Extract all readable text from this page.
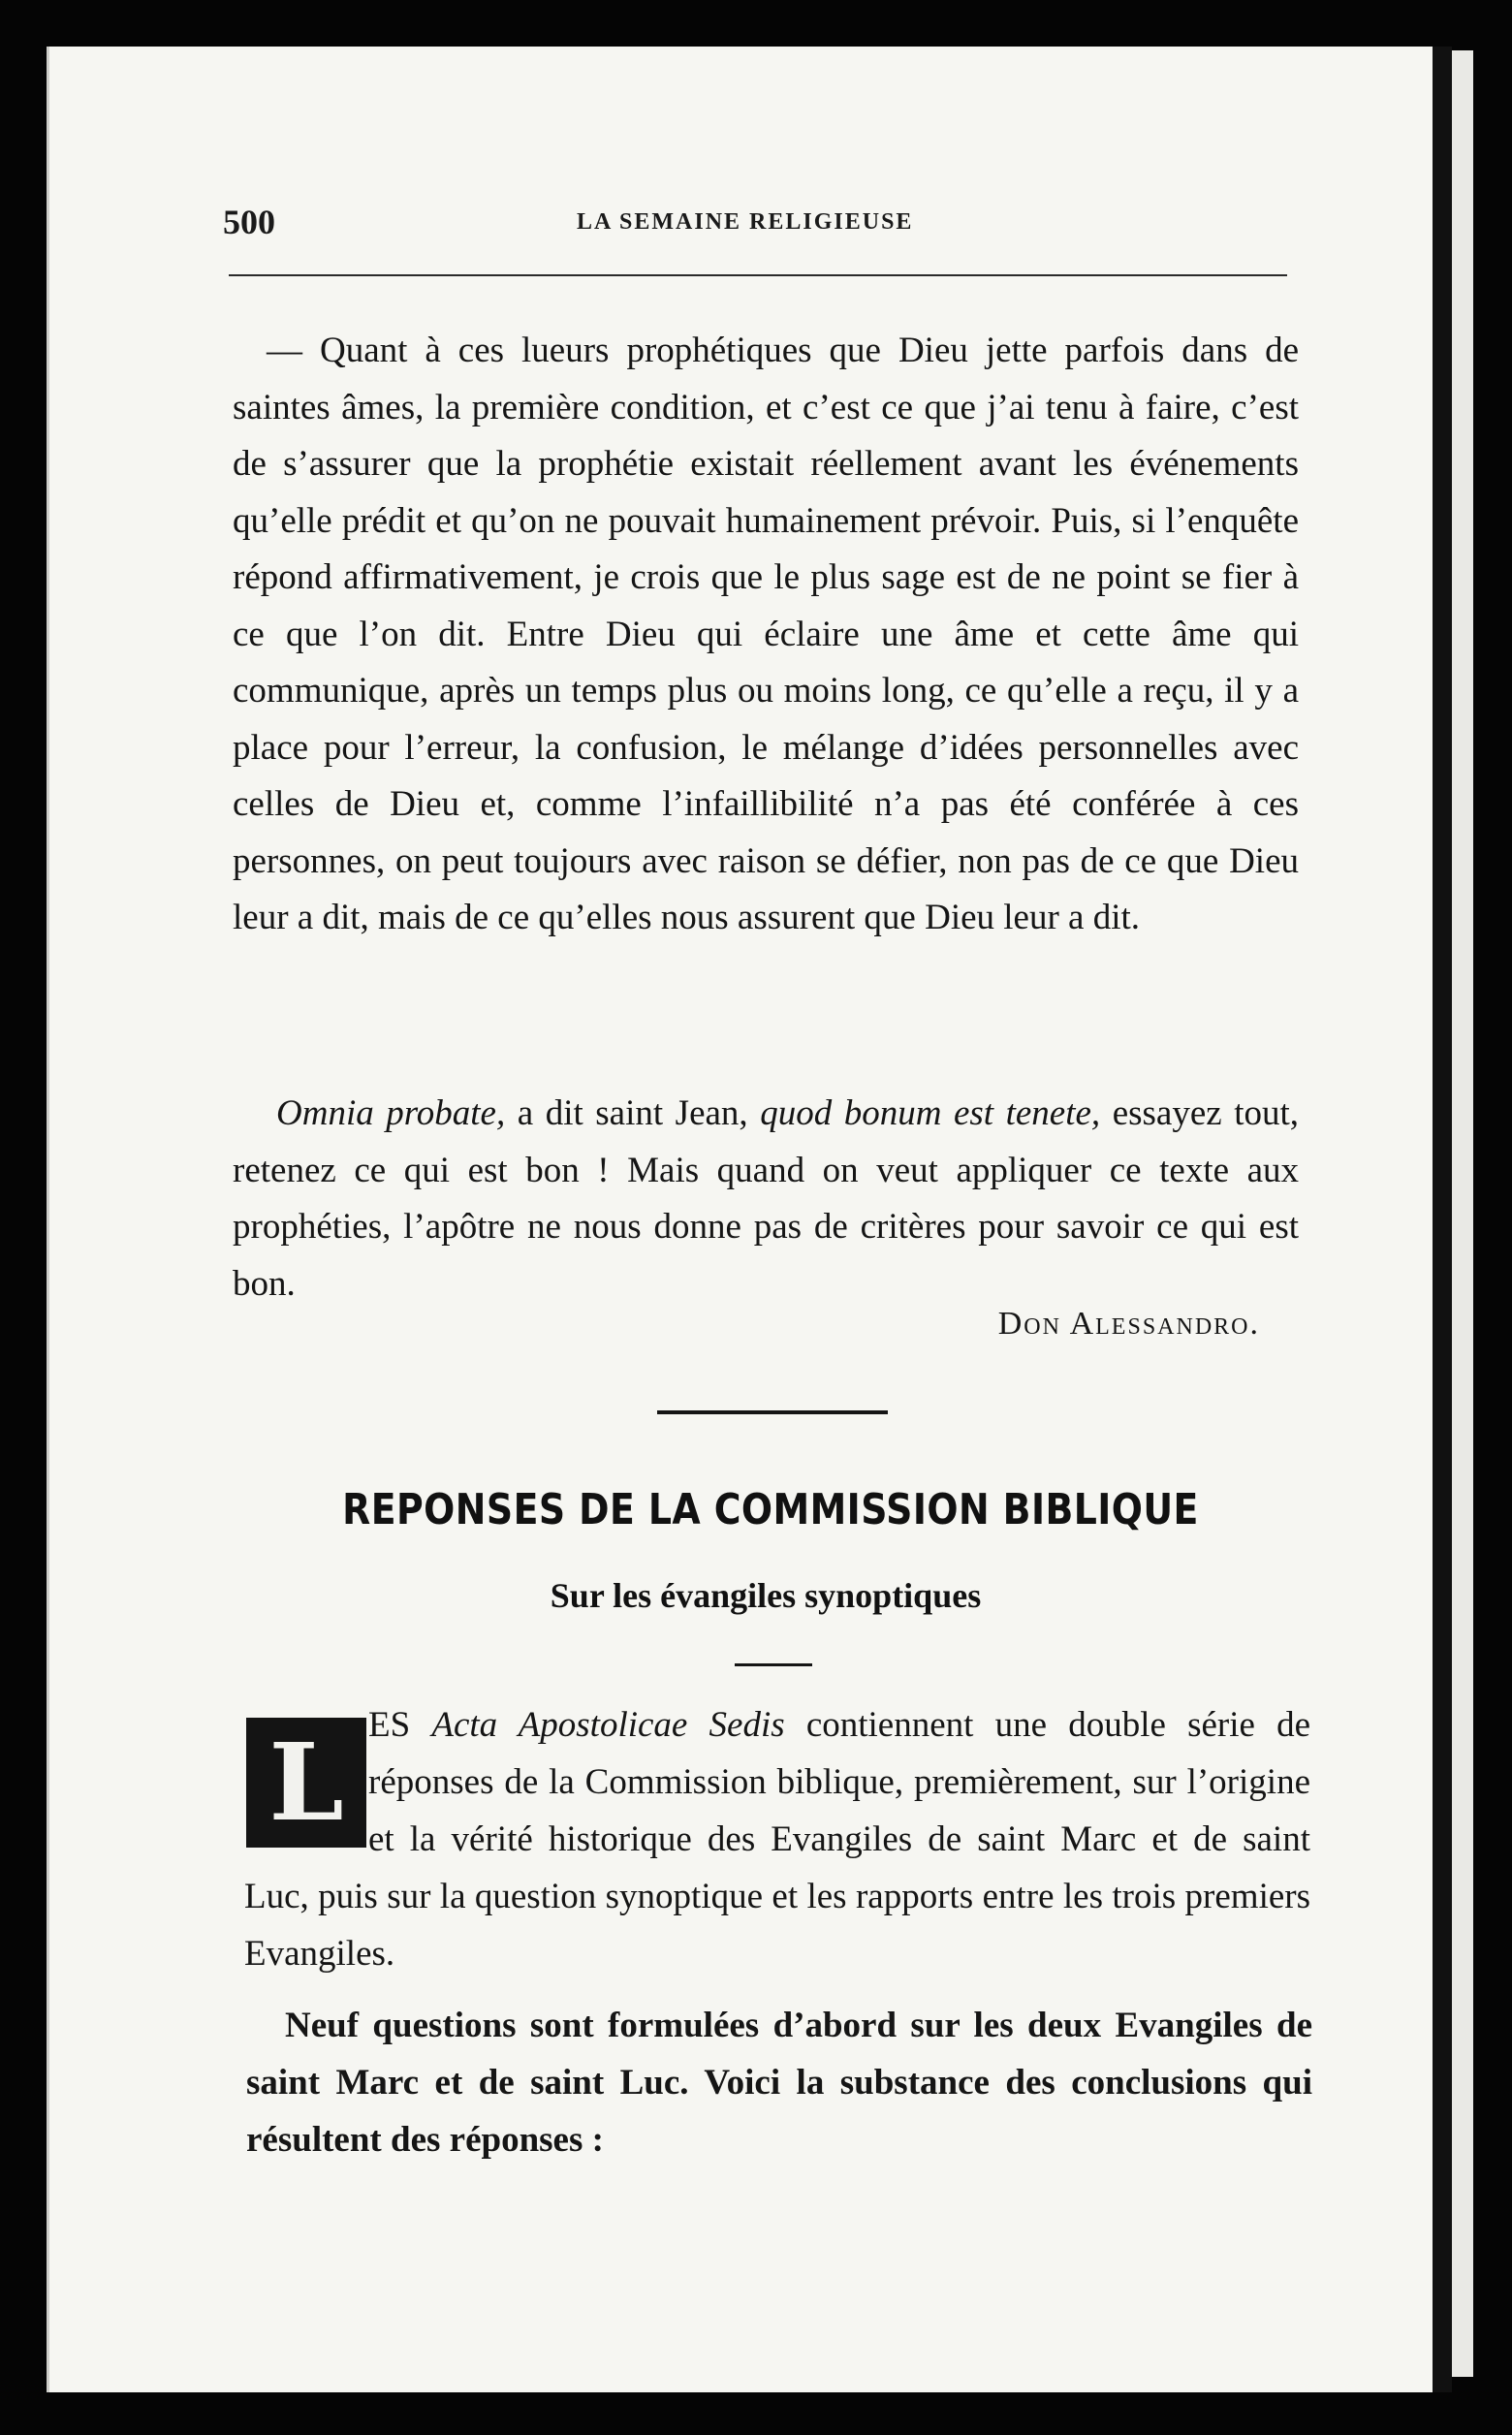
500	LA SEMAINE RELIGIEUSE

— Quant à ces lueurs prophétiques que Dieu jette parfois dans de saintes âmes, la première condition, et c’est ce que j’ai tenu à faire, c’est de s’assurer que la prophétie existait réellement avant les événements qu’elle prédit et qu’on ne pouvait humainement prévoir. Puis, si l’enquête répond affirmativement, je crois que le plus sage est de ne point se fier à ce que l’on dit. Entre Dieu qui éclaire une âme et cette âme qui communique, après un temps plus ou moins long, ce qu’elle a reçu, il y a place pour l’erreur, la confusion, le mélange d’idées personnelles avec celles de Dieu et, comme l’infaillibilité n’a pas été conférée à ces personnes, on peut toujours avec raison se défier, non pas de ce que Dieu leur a dit, mais de ce qu’elles nous assurent que Dieu leur a dit.

Omnia probate, a dit saint Jean, quod bonum est tenete, essayez tout, retenez ce qui est bon ! Mais quand on veut appliquer ce texte aux prophéties, l’apôtre ne nous donne pas de critères pour savoir ce qui est bon.

Don Alessandro.
REPONSES DE LA COMMISSION BIBLIQUE
Sur les évangiles synoptiques

ES Acta Apostolicae Sedis contiennent une double série de réponses de la Commission biblique, premièrement, sur l’origine et la vérité historique des Evangiles de saint Marc et de saint Luc, puis sur la question synoptique et les rapports entre les trois premiers Evangiles.

L

Neuf questions sont formulées d’abord sur les deux Evangiles de saint Marc et de saint Luc. Voici la substance des conclusions qui résultent des réponses :
